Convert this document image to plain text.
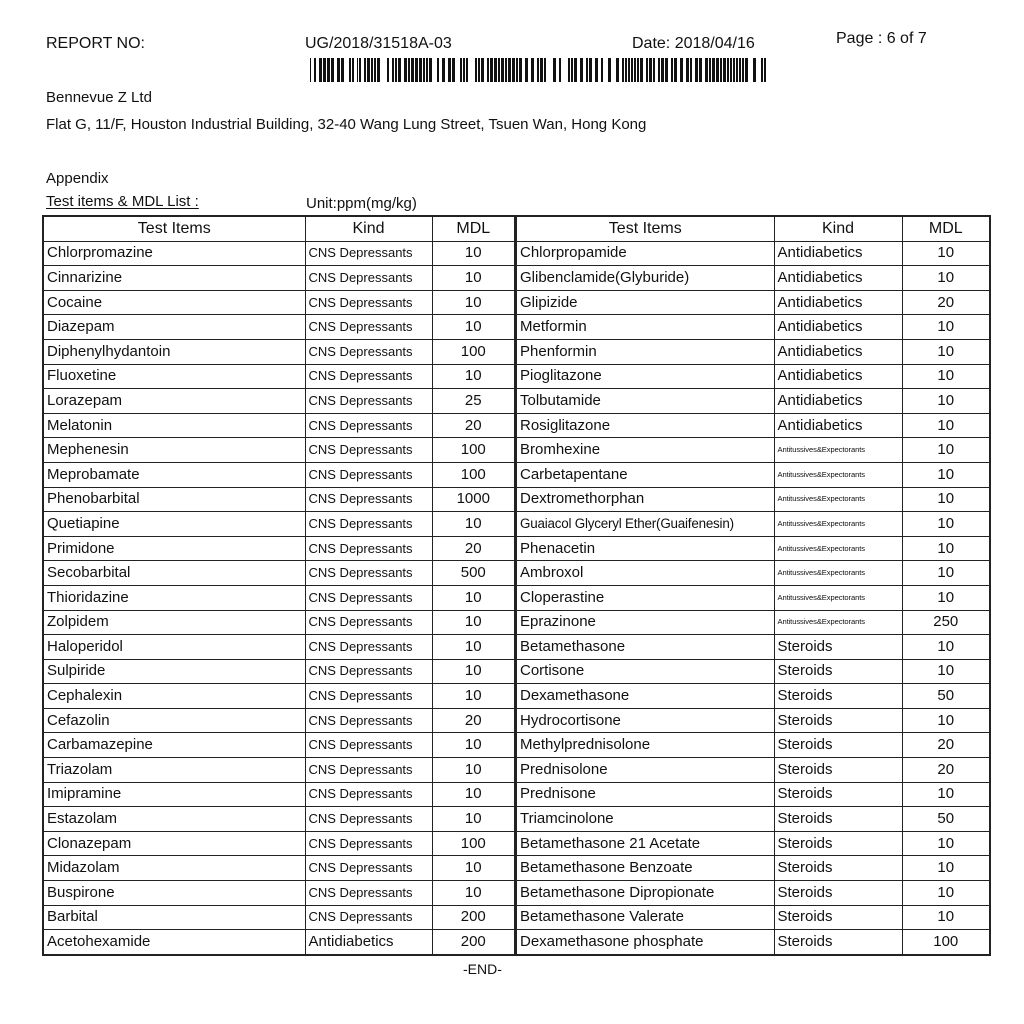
REPORT NO:	UG/2018/31518A-03	Date: 2018/04/16	Page : 6 of 7
Bennevue Z Ltd
Flat G, 11/F, Houston Industrial Building, 32-40 Wang Lung Street, Tsuen Wan, Hong Kong
Appendix
Test items & MDL List :	Unit:ppm(mg/kg)
Test Items	Kind	MDL
Chlorpromazine	CNS Depressants	10
Cinnarizine	CNS Depressants	10
Cocaine	CNS Depressants	10
Diazepam	CNS Depressants	10
Diphenylhydantoin	CNS Depressants	100
Fluoxetine	CNS Depressants	10
Lorazepam	CNS Depressants	25
Melatonin	CNS Depressants	20
Mephenesin	CNS Depressants	100
Meprobamate	CNS Depressants	100
Phenobarbital	CNS Depressants	1000
Quetiapine	CNS Depressants	10
Primidone	CNS Depressants	20
Secobarbital	CNS Depressants	500
Thioridazine	CNS Depressants	10
Zolpidem	CNS Depressants	10
Haloperidol	CNS Depressants	10
Sulpiride	CNS Depressants	10
Cephalexin	CNS Depressants	10
Cefazolin	CNS Depressants	20
Carbamazepine	CNS Depressants	10
Triazolam	CNS Depressants	10
Imipramine	CNS Depressants	10
Estazolam	CNS Depressants	10
Clonazepam	CNS Depressants	100
Midazolam	CNS Depressants	10
Buspirone	CNS Depressants	10
Barbital	CNS Depressants	200
Acetohexamide	Antidiabetics	200
Test Items	Kind	MDL
Chlorpropamide	Antidiabetics	10
Glibenclamide(Glyburide)	Antidiabetics	10
Glipizide	Antidiabetics	20
Metformin	Antidiabetics	10
Phenformin	Antidiabetics	10
Pioglitazone	Antidiabetics	10
Tolbutamide	Antidiabetics	10
Rosiglitazone	Antidiabetics	10
Bromhexine	Antitussives&Expectorants	10
Carbetapentane	Antitussives&Expectorants	10
Dextromethorphan	Antitussives&Expectorants	10
Guaiacol Glyceryl Ether(Guaifenesin)	Antitussives&Expectorants	10
Phenacetin	Antitussives&Expectorants	10
Ambroxol	Antitussives&Expectorants	10
Cloperastine	Antitussives&Expectorants	10
Eprazinone	Antitussives&Expectorants	250
Betamethasone	Steroids	10
Cortisone	Steroids	10
Dexamethasone	Steroids	50
Hydrocortisone	Steroids	10
Methylprednisolone	Steroids	20
Prednisolone	Steroids	20
Prednisone	Steroids	10
Triamcinolone	Steroids	50
Betamethasone 21 Acetate	Steroids	10
Betamethasone Benzoate	Steroids	10
Betamethasone Dipropionate	Steroids	10
Betamethasone Valerate	Steroids	10
Dexamethasone phosphate	Steroids	100
-END-
